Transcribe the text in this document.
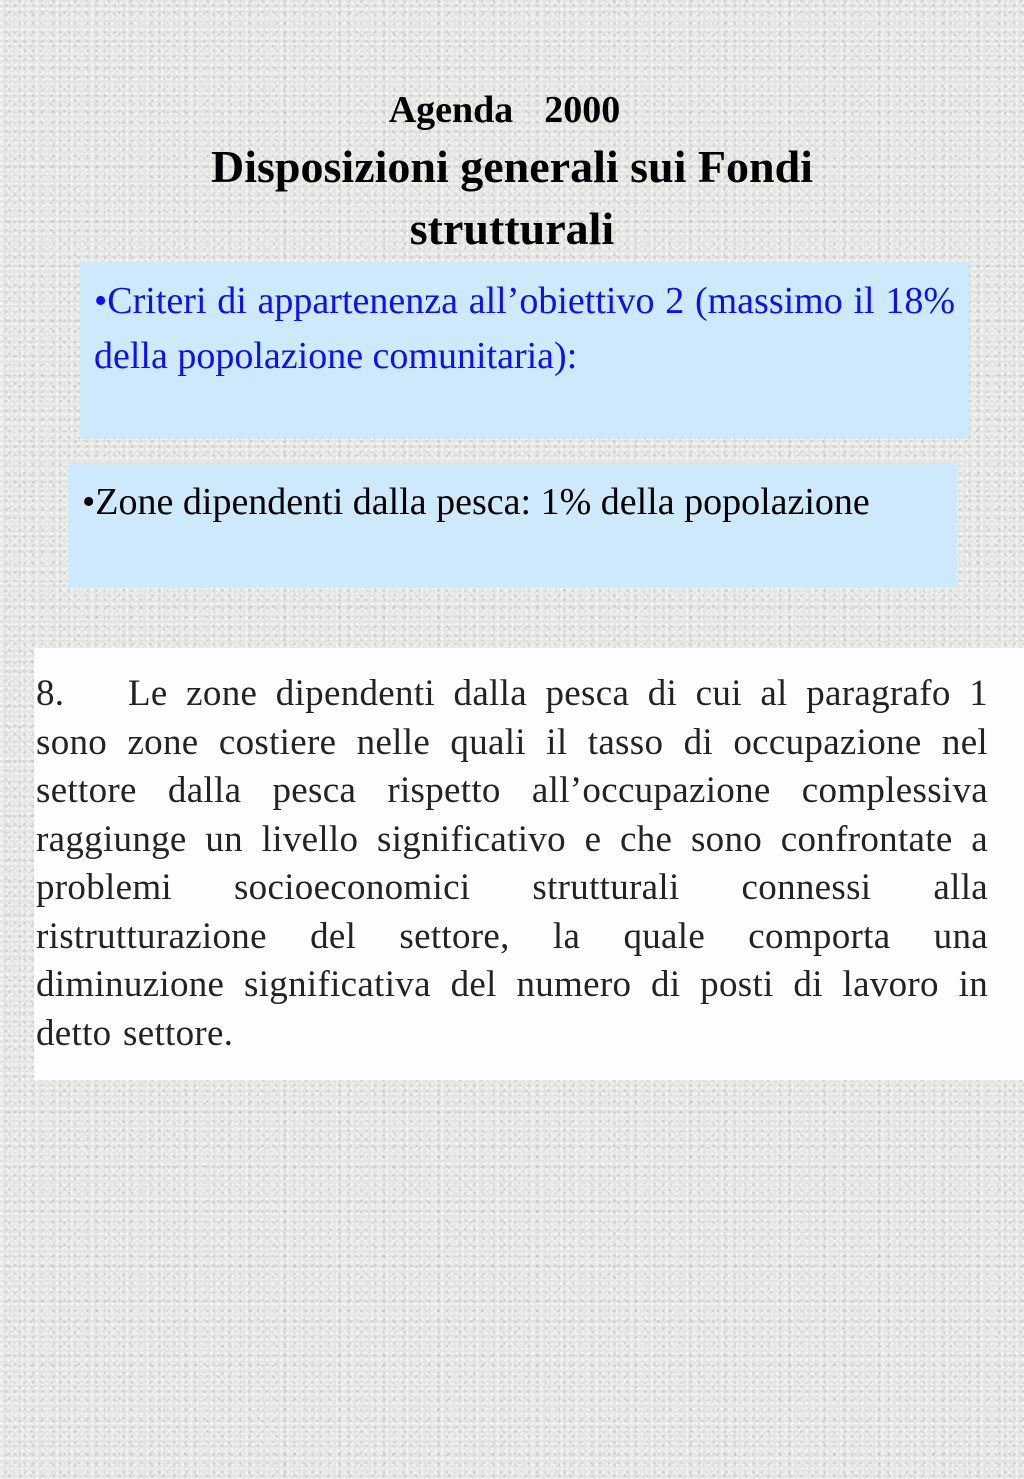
Agenda  2000
Disposizioni generali sui Fondi strutturali
•Criteri di appartenenza all’obiettivo 2 (massimo il 18% della popolazione comunitaria):
•Zone dipendenti dalla pesca: 1% della popolazione
8. Le zone dipendenti dalla pesca di cui al paragrafo 1 sono zone costiere nelle quali il tasso di occupazione nel settore dalla pesca rispetto all’occupazione complessiva raggiunge un livello significativo e che sono confrontate a problemi socioeconomici strutturali connessi alla ristrutturazione del settore, la quale comporta una diminuzione significativa del numero di posti di lavoro in detto settore.
